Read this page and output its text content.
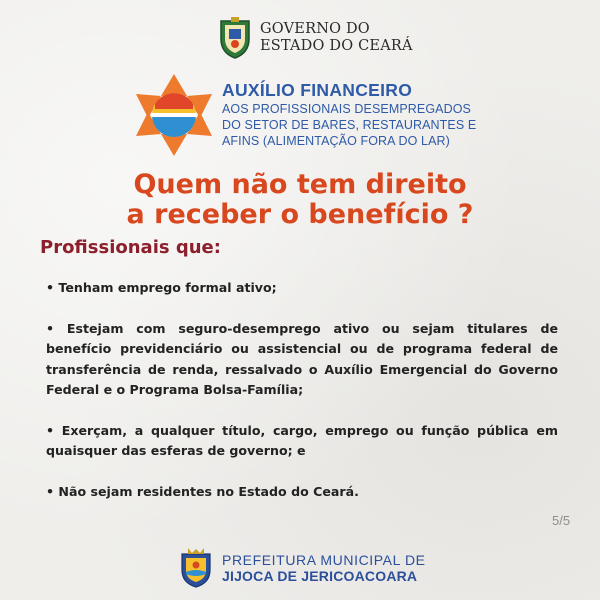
GOVERNO DO
ESTADO DO CEARÁ
AUXÍLIO FINANCEIRO
AOS PROFISSIONAIS DESEMPREGADOS
DO SETOR DE BARES, RESTAURANTES E
AFINS (ALIMENTAÇÃO FORA DO LAR)
Quem não tem direito
a receber o benefício ?
Profissionais que:
• Tenham emprego formal ativo;
• Estejam com seguro-desemprego ativo ou sejam titulares de benefício previdenciário ou assistencial ou de programa federal de transferência de renda, ressalvado o Auxílio Emergencial do Governo Federal e o Programa Bolsa-Família;
• Exerçam, a qualquer título, cargo, emprego ou função pública em quaisquer das esferas de governo; e
• Não sejam residentes no Estado do Ceará.
5/5
PREFEITURA MUNICIPAL DE
JIJOCA DE JERICOACOARA
